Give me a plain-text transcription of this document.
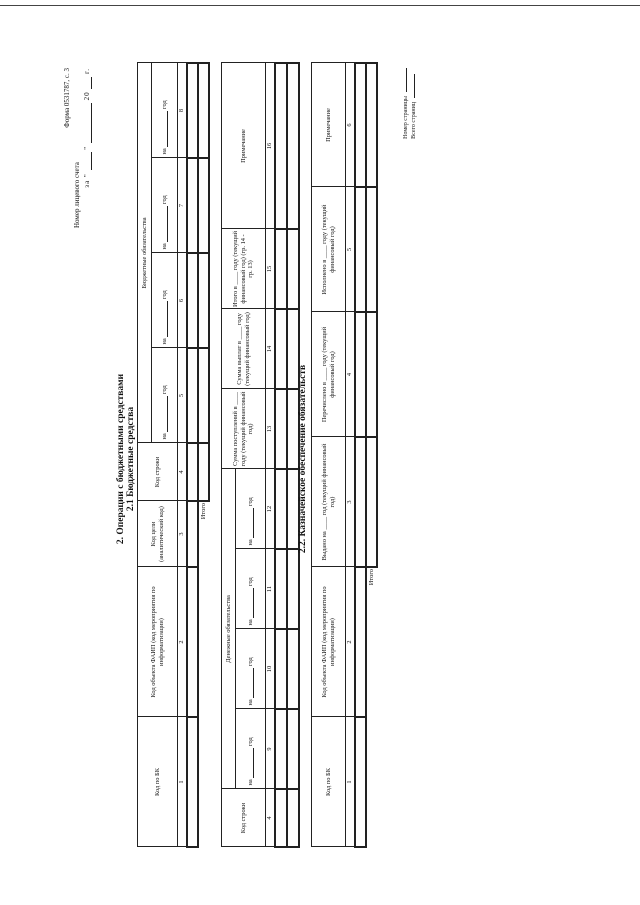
Форма 0531787, с. 3
Номер лицевого счета за "  "  20  г.
2. Операции с бюджетными средствами 2.1 Бюджетные средства
Код по БК	Код объекта ФАИП (код мероприятия по информатизации)	Код цели (аналитический код)	Код строки	Бюджетные обязательства			
				на  год	на  год	на  год	на  год
1	2	3	4	5	6	7	8

Итого							
Код строки	Денежные обязательства				Сумма поступлений в ____ году (текущий финансовый год)	Сумма выплат в ____ году (текущий финансовый год)	Итого в ____ году (текущий финансовый год) (гр. 14 - гр. 13)	Примечание
	на  год	на  год	на  год	на  год				
4	9	10	11	12	13	14	15	16

2.2. Казначейское обеспечение обязательств
Код по БК	Код объекта ФАИП (код мероприятия по информатизации)	Выдано на ____ год (текущий финансовый год)	Перечислено в ____ году (текущий финансовый год)	Исполнено в ____ году (текущий финансовый год)	Примечание
1	2	3	4	5	6

Итого					
Номер страницы Всего страниц
